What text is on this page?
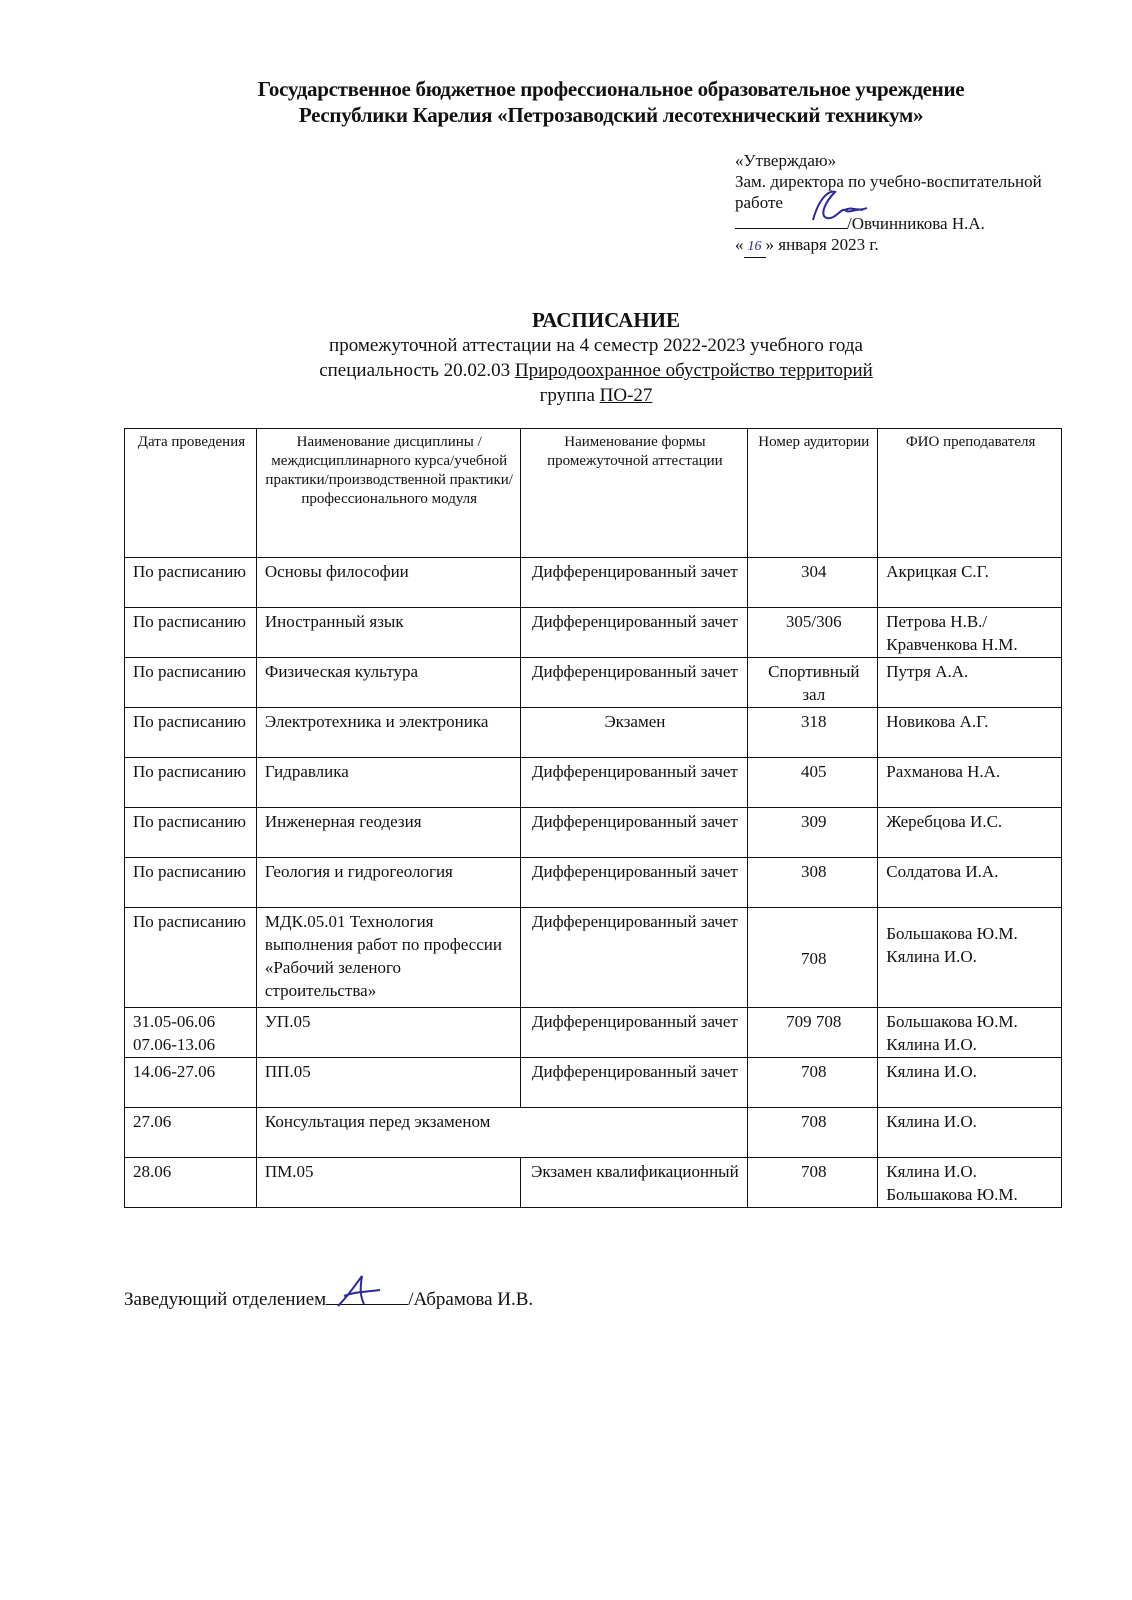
Государственное бюджетное профессиональное образовательное учреждение
Республики Карелия «Петрозаводский лесотехнический техникум»
«Утверждаю»
Зам. директора по учебно-воспитательной
работе
/Овчинникова Н.А.
« 16 » января 2023 г.
РАСПИСАНИЕ
промежуточной аттестации на 4 семестр 2022-2023 учебного года
специальность 20.02.03 Природоохранное обустройство территорий
группа ПО-27
Дата проведения	Наименование дисциплины /междисциплинарного курса/учебной практики/производственной практики/профессионального модуля	Наименование формы промежуточной аттестации	Номер аудитории	ФИО преподавателя
По расписанию	Основы философии	Дифференцированный зачет	304	Акрицкая С.Г.
По расписанию	Иностранный язык	Дифференцированный зачет	305/306	Петрова Н.В./ Кравченкова Н.М.
По расписанию	Физическая культура	Дифференцированный зачет	Спортивный зал	Путря А.А.
По расписанию	Электротехника и электроника	Экзамен	318	Новикова А.Г.
По расписанию	Гидравлика	Дифференцированный зачет	405	Рахманова Н.А.
По расписанию	Инженерная геодезия	Дифференцированный зачет	309	Жеребцова И.С.
По расписанию	Геология и гидрогеология	Дифференцированный зачет	308	Солдатова И.А.
По расписанию	МДК.05.01 Технология выполнения работ по профессии «Рабочий зеленого строительства»	Дифференцированный зачет	708	Большакова Ю.М. Кялина И.О.
31.05-06.06 07.06-13.06	УП.05	Дифференцированный зачет	709 708	Большакова Ю.М. Кялина И.О.
14.06-27.06	ПП.05	Дифференцированный зачет	708	Кялина И.О.
27.06	Консультация перед экзаменом		708	Кялина И.О.
28.06	ПМ.05	Экзамен квалификационный	708	Кялина И.О. Большакова Ю.М.
Заведующий отделением	/Абрамова И.В.
